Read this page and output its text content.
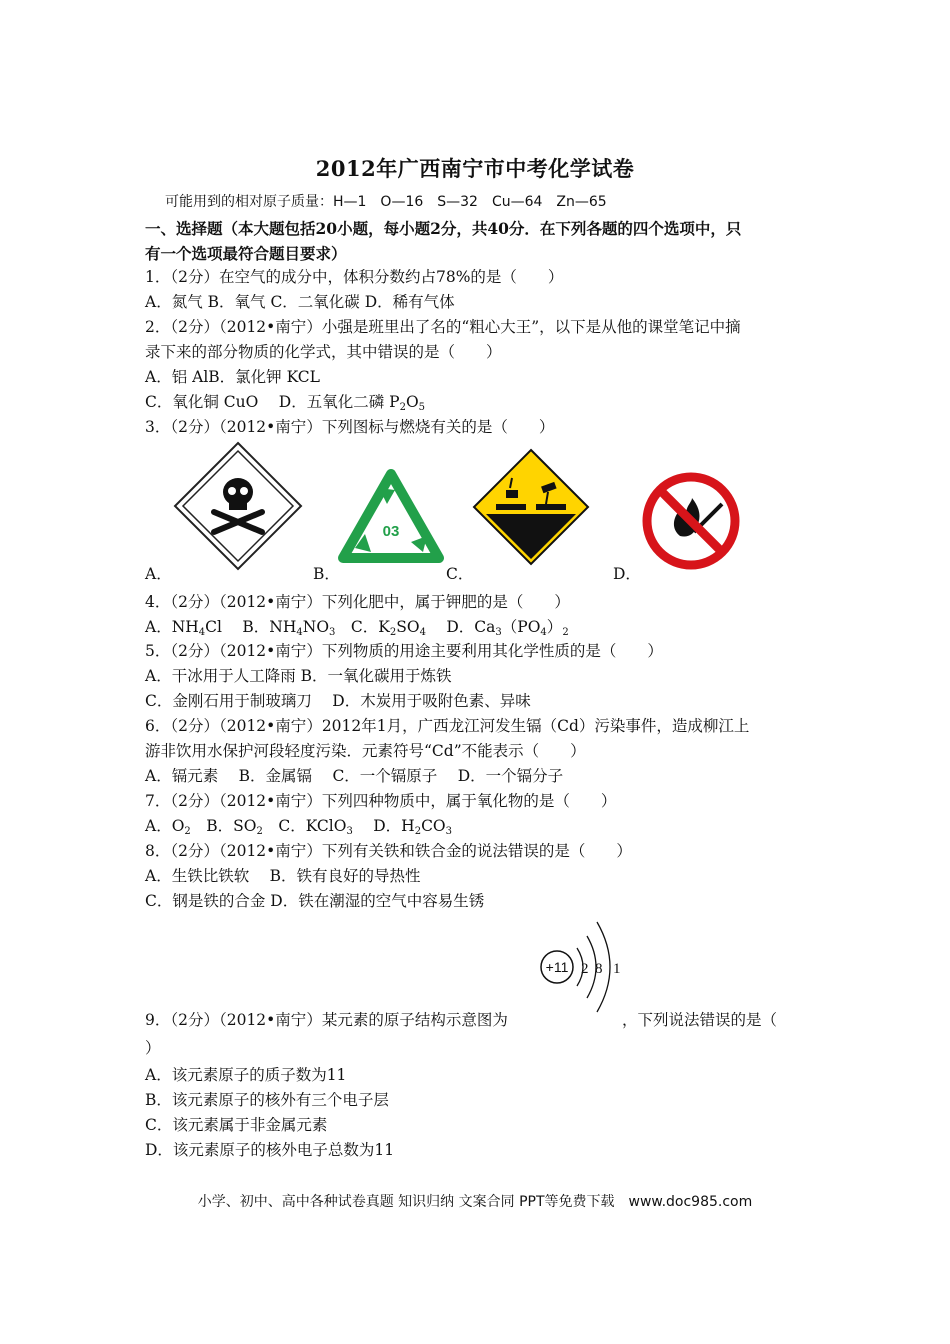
2012年广西南宁市中考化学试卷
可能用到的相对原子质量：H—1　O—16　S—32　Cu—64　Zn—65
一、选择题（本大题包括20小题，每小题2分，共40分．在下列各题的四个选项中，只
有一个选项最符合题目要求）
1．（2分）在空气的成分中，体积分数约占78%的是（　　）
A．氮气 B．氧气 C．二氧化碳 D．稀有气体
2．（2分）（2012•南宁）小强是班里出了名的“粗心大王”，以下是从他的课堂笔记中摘
录下来的部分物质的化学式，其中错误的是（　　）
A．铝 AlB．氯化钾 KCL
C．氧化铜 CuO　 D．五氧化二磷 $P_2O_5$
3．（2分）（2012•南宁）下列图标与燃烧有关的是（　　）
03
A．	B．	C．	D．
4．（2分）（2012•南宁）下列化肥中，属于钾肥的是（　　）
A．$NH_4Cl$　 B．$NH_4NO_3$　C．$K_2SO_4$　 D．$Ca_3(PO_4)_2$
5．（2分）（2012•南宁）下列物质的用途主要利用其化学性质的是（　　）
A．干冰用于人工降雨 B．一氧化碳用于炼铁
C．金刚石用于制玻璃刀　 D．木炭用于吸附色素、异味
6．（2分）（2012•南宁）2012年1月，广西龙江河发生镉（Cd）污染事件，造成柳江上
游非饮用水保护河段轻度污染．元素符号“Cd”不能表示（　　）
A．镉元素　 B．金属镉　 C．一个镉原子　 D．一个镉分子
7．（2分）（2012•南宁）下列四种物质中，属于氧化物的是（　　）
A．$O_2$　B．$SO_2$　C．KClO$_3$　 D．$H_2CO_3$
8．（2分）（2012•南宁）下列有关铁和铁合金的说法错误的是（　　）
A．生铁比铁软　 B．铁有良好的导热性
C．钢是铁的合金 D．铁在潮湿的空气中容易生锈
+11 2 8 1
9．（2分）（2012•南宁）某元素的原子结构示意图为	，下列说法错误的是（
）
A．该元素原子的质子数为11
B．该元素原子的核外有三个电子层
C．该元素属于非金属元素
D．该元素原子的核外电子总数为11
小学、初中、高中各种试卷真题 知识归纳 文案合同 PPT等免费下载　www.doc985.com
